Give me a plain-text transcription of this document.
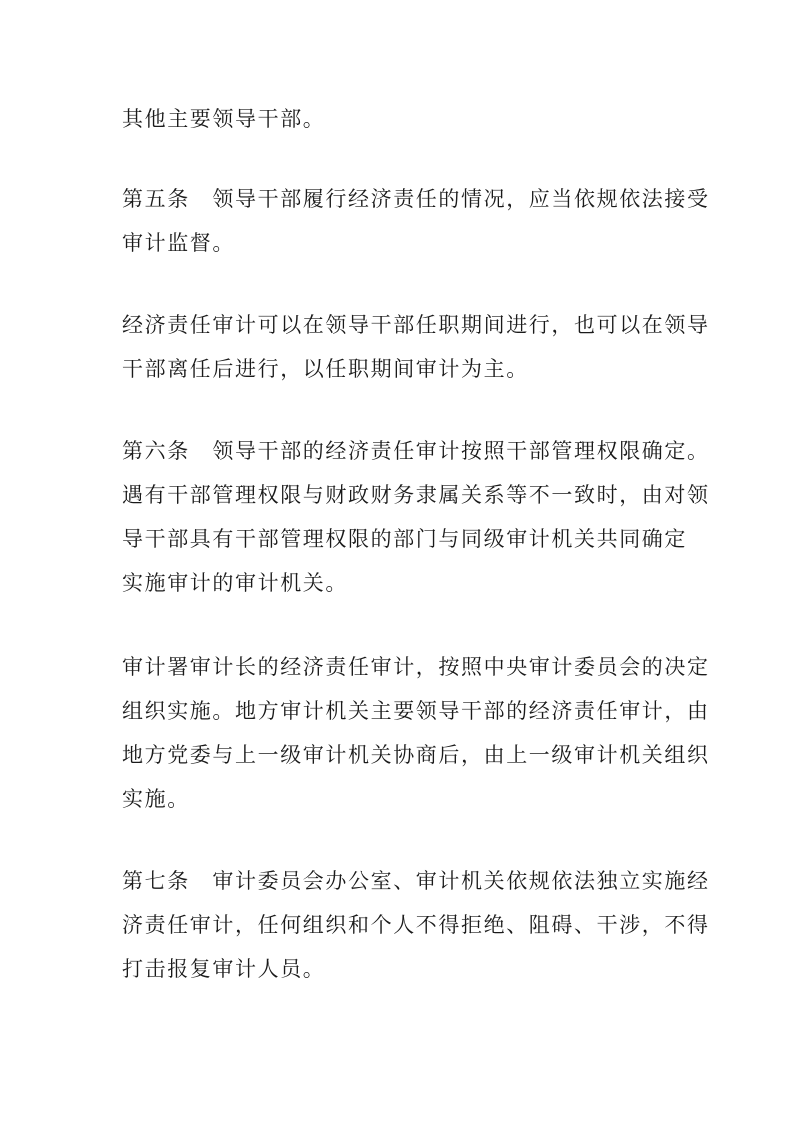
其他主要领导干部。
第五条　领导干部履行经济责任的情况，应当依规依法接受
审计监督。
经济责任审计可以在领导干部任职期间进行，也可以在领导
干部离任后进行，以任职期间审计为主。
第六条　领导干部的经济责任审计按照干部管理权限确定。
遇有干部管理权限与财政财务隶属关系等不一致时，由对领
导干部具有干部管理权限的部门与同级审计机关共同确定
实施审计的审计机关。
审计署审计长的经济责任审计，按照中央审计委员会的决定
组织实施。地方审计机关主要领导干部的经济责任审计，由
地方党委与上一级审计机关协商后，由上一级审计机关组织
实施。
第七条　审计委员会办公室、审计机关依规依法独立实施经
济责任审计，任何组织和个人不得拒绝、阻碍、干涉，不得
打击报复审计人员。
